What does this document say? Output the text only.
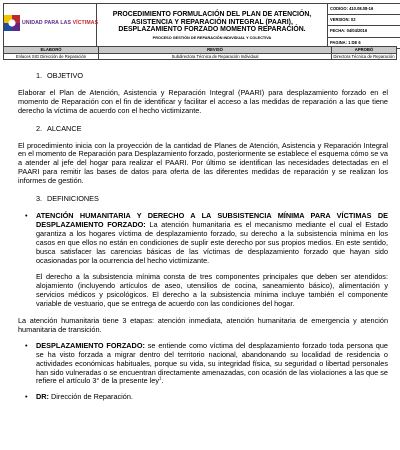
UNIDAD PARA LAS VÍCTIMAS

PROCEDIMIENTO FORMULACIÓN DEL PLAN DE ATENCIÓN, ASISTENCIA Y REPARACIÓN INTEGRAL (PAARI), DESPLAZAMIENTO FORZADO MOMENTO REPARACIÓN.
PROCESO GESTIÓN DE REPARACIÓN INDIVIDUAL Y COLECTIVA

CODIGO: 410.08.08-16
VERSION: 02
FECHA: 04/04/2016
PAGINA: 1 DE 6
ELABORÓ	REVISÓ	APROBÓ
Enlaces SIG Dirección de Reparación	Subdirectora Técnica de Reparación Individual	Directora Técnica de Reparación
1. OBJETIVO

Elaborar el Plan de Atención, Asistencia y Reparación Integral (PAARI) para desplazamiento forzado en el momento de Reparación con el fin de identificar y facilitar el acceso a las medidas de reparación a las que tiene derecho la víctima de acuerdo con el hecho victimizante.

2. ALCANCE

El procedimiento inicia con la proyección de la cantidad de Planes de Atención, Asistencia y Reparación Integral en el momento de Reparación para Desplazamiento forzado, posteriormente se establece el esquema cómo se va a atender al jefe del hogar para realizar el PAARI. Por último se identifican las necesidades detectadas en el PAARI para remitir las bases de datos para oferta de las diferentes medidas de reparación y se realizan los informes de gestión.

3. DEFINICIONES

• ATENCIÓN HUMANITARIA Y DERECHO A LA SUBSISTENCIA MÍNIMA PARA VÍCTIMAS DE DESPLAZAMIENTO FORZADO: La atención humanitaria es el mecanismo mediante el cual el Estado garantiza a los hogares víctima de desplazamiento forzado, su derecho a la subsistencia mínima en los casos en que ellos no están en condiciones de suplir este derecho por sus propios medios. En este sentido, busca satisfacer las carencias básicas de las víctimas de desplazamiento forzado que hayan sido ocasionadas por la ocurrencia del hecho victimizante.

El derecho a la subsistencia mínima consta de tres componentes principales que deben ser atendidos: alojamiento (incluyendo artículos de aseo, utensilios de cocina, saneamiento básico), alimentación y servicios médicos y psicológicos. El derecho a la subsistencia mínima incluye también el componente variable de vestuario, que se entrega de acuerdo con las condiciones del hogar.

La atención humanitaria tiene 3 etapas: atención inmediata, atención humanitaria de emergencia y atención humanitaria de transición.

• DESPLAZAMIENTO FORZADO: se entiende como víctima del desplazamiento forzado toda persona que se ha visto forzada a migrar dentro del territorio nacional, abandonando su localidad de residencia o actividades económicas habituales, porque su vida, su integridad física, su seguridad o libertad personales han sido vulneradas o se encuentran directamente amenazadas, con ocasión de las violaciones a las que se refiere el artículo 3° de la presente ley$^1$.

• DR: Dirección de Reparación.
